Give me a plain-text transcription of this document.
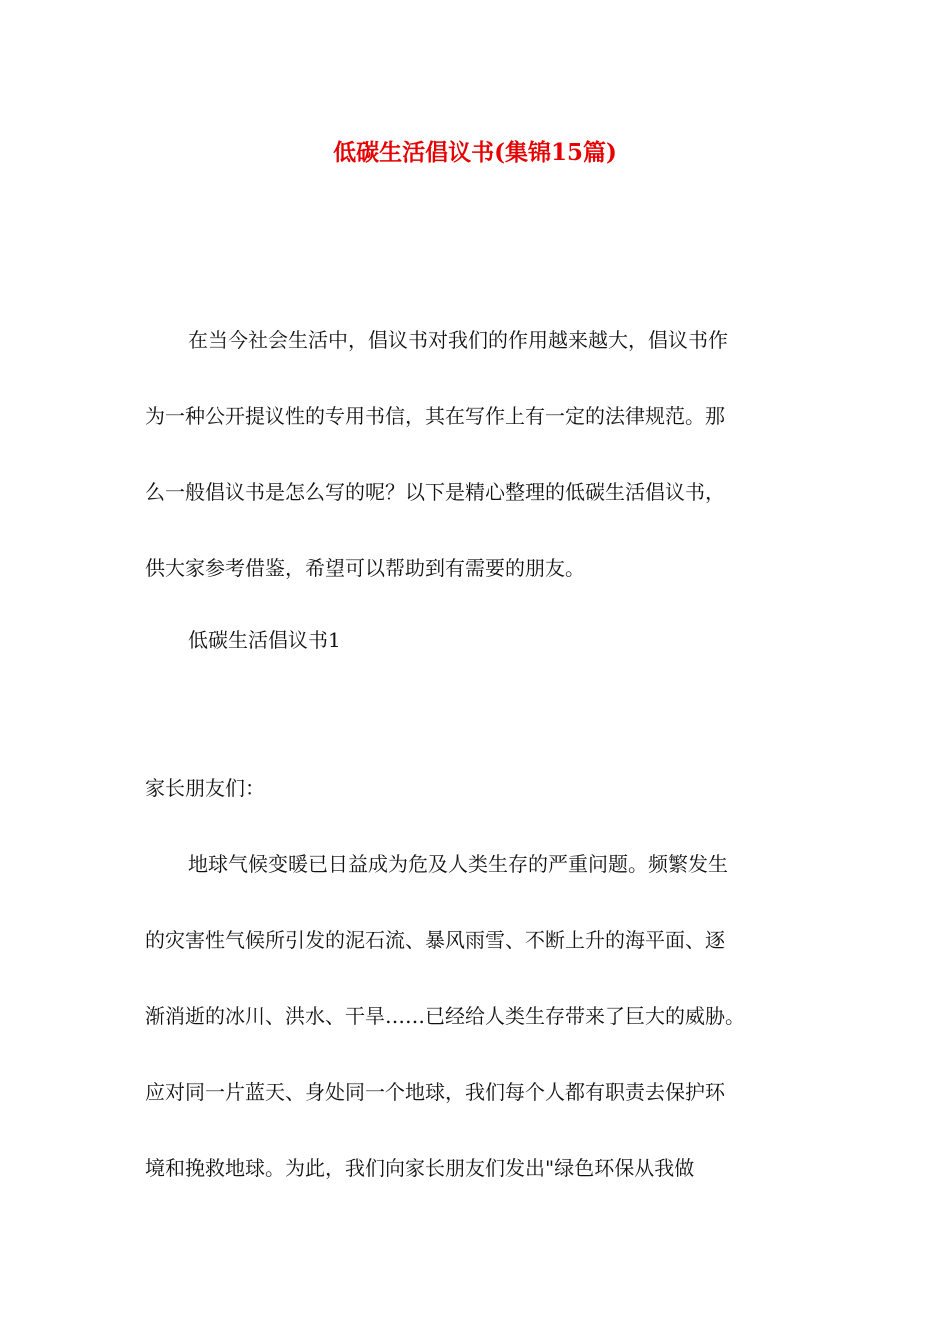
低碳生活倡议书(集锦15篇)
在当今社会生活中，倡议书对我们的作用越来越大，倡议书作
为一种公开提议性的专用书信，其在写作上有一定的法律规范。那
么一般倡议书是怎么写的呢？以下是精心整理的低碳生活倡议书，
供大家参考借鉴，希望可以帮助到有需要的朋友。
低碳生活倡议书1
家长朋友们：
地球气候变暖已日益成为危及人类生存的严重问题。频繁发生
的灾害性气候所引发的泥石流、暴风雨雪、不断上升的海平面、逐
渐消逝的冰川、洪水、干旱……已经给人类生存带来了巨大的威胁。
应对同一片蓝天、身处同一个地球，我们每个人都有职责去保护环
境和挽救地球。为此，我们向家长朋友们发出"绿色环保从我做
